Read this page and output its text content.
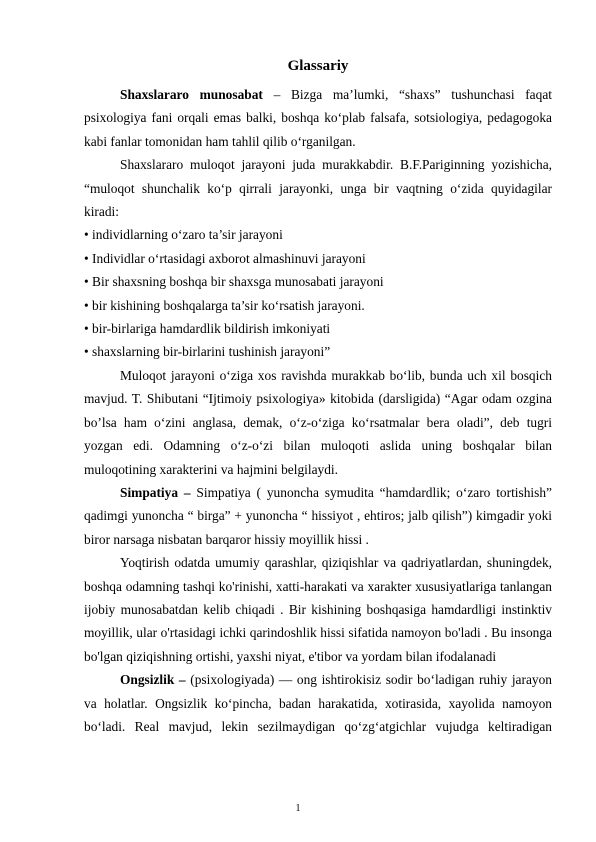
Glassariy

Shaxslararo munosabat – Bizga ma’lumki, “shaxs” tushunchasi faqat psixologiya fani orqali emas balki, boshqa ko‘plab falsafa, sotsiologiya, pedagogoka kabi fanlar tomonidan ham tahlil qilib o‘rganilgan.

Shaxslararo muloqot jarayoni juda murakkabdir. B.F.Pariginning yozishicha, “muloqot shunchalik ko‘p qirrali jarayonki, unga bir vaqtning o‘zida quyidagilar kiradi:

• individlarning o‘zaro ta’sir jarayoni
• Individlar o‘rtasidagi axborot almashinuvi jarayoni
• Bir shaxsning boshqa bir shaxsga munosabati jarayoni
• bir kishining boshqalarga ta’sir ko‘rsatish jarayoni.
• bir-birlariga hamdardlik bildirish imkoniyati
• shaxslarning bir-birlarini tushinish jarayoni”

Muloqot jarayoni o‘ziga xos ravishda murakkab bo‘lib, bunda uch xil bosqich mavjud. T. Shibutani “Ijtimoiy psixologiya» kitobida (darsligida) “Agar odam ozgina bo’lsa ham o‘zini anglasa, demak, o‘z-o‘ziga ko‘rsatmalar bera oladi”, deb tugri yozgan edi. Odamning o‘z-o‘zi bilan muloqoti aslida uning boshqalar bilan muloqotining xarakterini va hajmini belgilaydi.

Simpatiya – Simpatiya ( yunoncha symudita “hamdardlik; o‘zaro tortishish” qadimgi yunoncha “ birga” + yunoncha “ hissiyot , ehtiros; jalb qilish”) kimgadir yoki biror narsaga nisbatan barqaror hissiy moyillik hissi .

Yoqtirish odatda umumiy qarashlar, qiziqishlar va qadriyatlardan, shuningdek, boshqa odamning tashqi ko'rinishi, xatti-harakati va xarakter xususiyatlariga tanlangan ijobiy munosabatdan kelib chiqadi . Bir kishining boshqasiga hamdardligi instinktiv moyillik, ular o'rtasidagi ichki qarindoshlik hissi sifatida namoyon bo'ladi . Bu insonga bo'lgan qiziqishning ortishi, yaxshi niyat, e'tibor va yordam bilan ifodalanadi

Ongsizlik – (psixologiyada) — ong ishtirokisiz sodir bo‘ladigan ruhiy jarayon va holatlar. Ongsizlik ko‘pincha, badan harakatida, xotirasida, xayolida namoyon bo‘ladi. Real mavjud, lekin sezilmaydigan qo‘zg‘atgichlar vujudga keltiradigan

1
